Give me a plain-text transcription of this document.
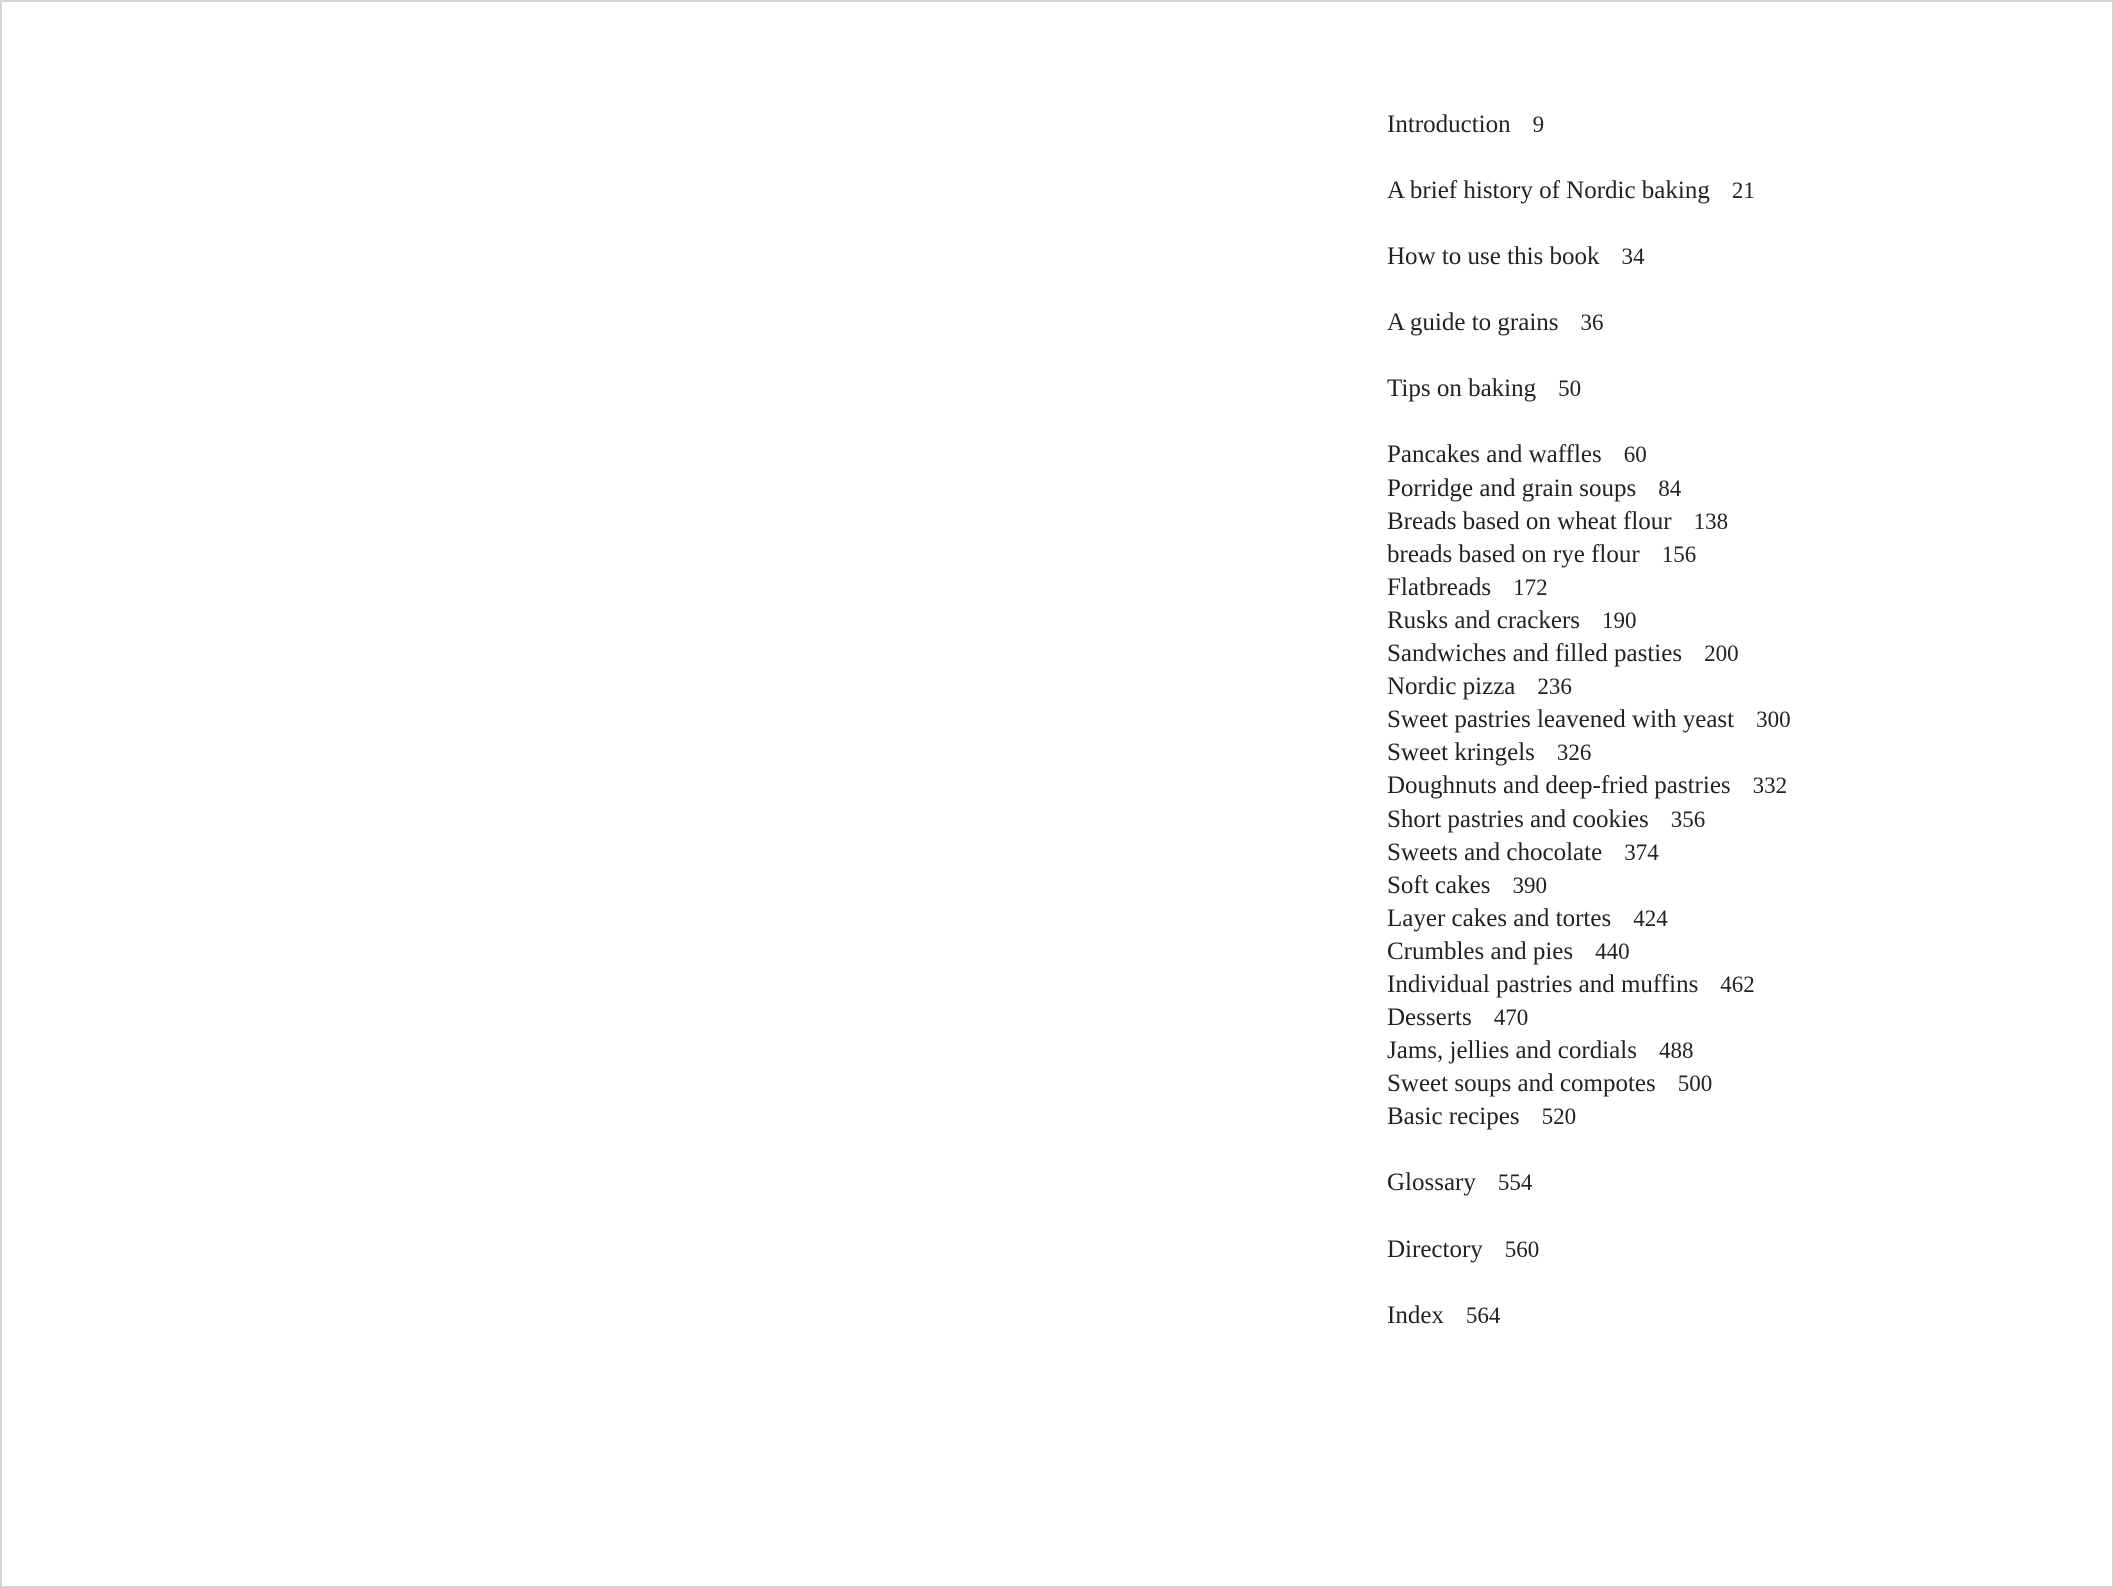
Introduction 9
A brief history of Nordic baking 21
How to use this book 34
A guide to grains 36
Tips on baking 50
Pancakes and waffles 60
Porridge and grain soups 84
Breads based on wheat flour 138
breads based on rye flour 156
Flatbreads 172
Rusks and crackers 190
Sandwiches and filled pasties 200
Nordic pizza 236
Sweet pastries leavened with yeast 300
Sweet kringels 326
Doughnuts and deep-fried pastries 332
Short pastries and cookies 356
Sweets and chocolate 374
Soft cakes 390
Layer cakes and tortes 424
Crumbles and pies 440
Individual pastries and muffins 462
Desserts 470
Jams, jellies and cordials 488
Sweet soups and compotes 500
Basic recipes 520
Glossary 554
Directory 560
Index 564
